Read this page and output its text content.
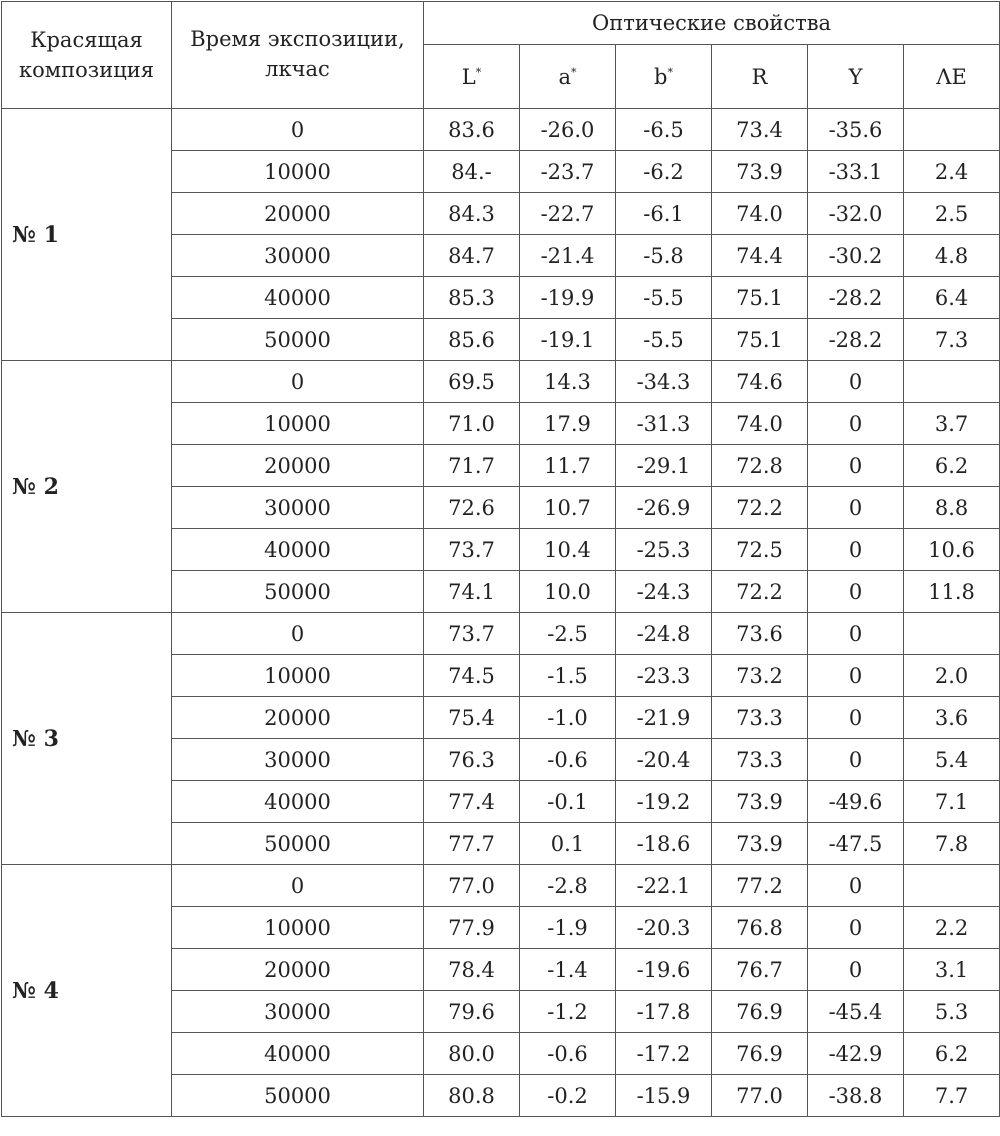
Красящая композиция	Время экспозиции, лкчас	Оптические свойства					
		L*	a*	b*	R	Y	ΛE
№ 1	0	83.6	-26.0	-6.5	73.4	-35.6	
	10000	84.-	-23.7	-6.2	73.9	-33.1	2.4
	20000	84.3	-22.7	-6.1	74.0	-32.0	2.5
	30000	84.7	-21.4	-5.8	74.4	-30.2	4.8
	40000	85.3	-19.9	-5.5	75.1	-28.2	6.4
	50000	85.6	-19.1	-5.5	75.1	-28.2	7.3
№ 2	0	69.5	14.3	-34.3	74.6	0	
	10000	71.0	17.9	-31.3	74.0	0	3.7
	20000	71.7	11.7	-29.1	72.8	0	6.2
	30000	72.6	10.7	-26.9	72.2	0	8.8
	40000	73.7	10.4	-25.3	72.5	0	10.6
	50000	74.1	10.0	-24.3	72.2	0	11.8
№ 3	0	73.7	-2.5	-24.8	73.6	0	
	10000	74.5	-1.5	-23.3	73.2	0	2.0
	20000	75.4	-1.0	-21.9	73.3	0	3.6
	30000	76.3	-0.6	-20.4	73.3	0	5.4
	40000	77.4	-0.1	-19.2	73.9	-49.6	7.1
	50000	77.7	0.1	-18.6	73.9	-47.5	7.8
№ 4	0	77.0	-2.8	-22.1	77.2	0	
	10000	77.9	-1.9	-20.3	76.8	0	2.2
	20000	78.4	-1.4	-19.6	76.7	0	3.1
	30000	79.6	-1.2	-17.8	76.9	-45.4	5.3
	40000	80.0	-0.6	-17.2	76.9	-42.9	6.2
	50000	80.8	-0.2	-15.9	77.0	-38.8	7.7
